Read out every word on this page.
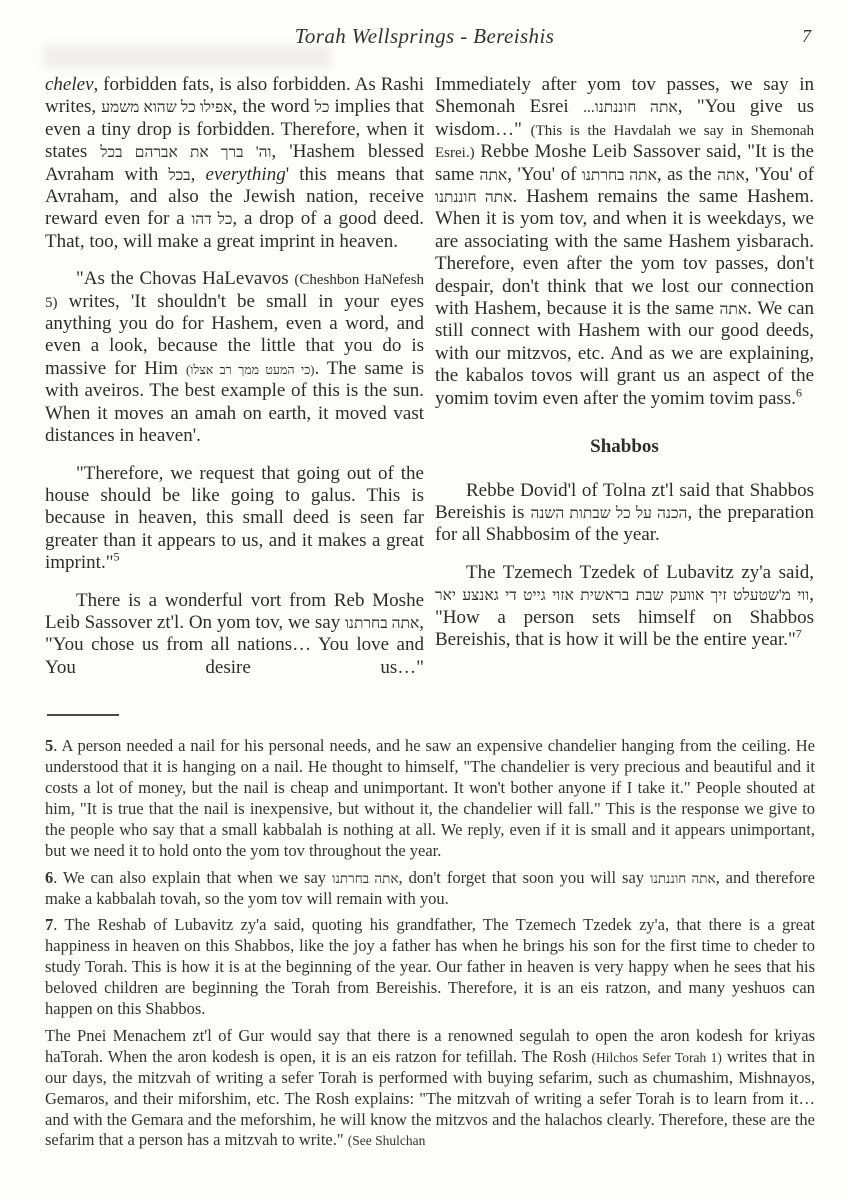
Torah Wellsprings - Bereishis	7

chelev, forbidden fats, is also forbidden. As Rashi writes, אפילו כל שהוא משמע, the word כל implies that even a tiny drop is forbidden. Therefore, when it states וה' ברך את אברהם בכל, 'Hashem blessed Avraham with בכל, everything' this means that Avraham, and also the Jewish nation, receive reward even for a כל דהו, a drop of a good deed. That, too, will make a great imprint in heaven.

"As the Chovas HaLevavos (Cheshbon HaNefesh 5) writes, 'It shouldn't be small in your eyes anything you do for Hashem, even a word, and even a look, because the little that you do is massive for Him (כי המעט ממך רב אצלו). The same is with aveiros. The best example of this is the sun. When it moves an amah on earth, it moved vast distances in heaven'.

"Therefore, we request that going out of the house should be like going to galus. This is because in heaven, this small deed is seen far greater than it appears to us, and it makes a great imprint."$^5$

There is a wonderful vort from Reb Moshe Leib Sassover zt'l. On yom tov, we say אתה בחרתנו, "You chose us from all nations… You love and You desire us…"

Immediately after yom tov passes, we say in Shemonah Esrei אתה חוננתנו..., "You give us wisdom…" (This is the Havdalah we say in Shemonah Esrei.) Rebbe Moshe Leib Sassover said, "It is the same אתה, 'You' of אתה בחרתנו, as the אתה, 'You' of אתה חוננתנו. Hashem remains the same Hashem. When it is yom tov, and when it is weekdays, we are associating with the same Hashem yisbarach. Therefore, even after the yom tov passes, don't despair, don't think that we lost our connection with Hashem, because it is the same אתה. We can still connect with Hashem with our good deeds, with our mitzvos, etc. And as we are explaining, the kabalos tovos will grant us an aspect of the yomim tovim even after the yomim tovim pass.$^6$

Shabbos

Rebbe Dovid'l of Tolna zt'l said that Shabbos Bereishis is הכנה על כל שבתות השנה, the preparation for all Shabbosim of the year.

The Tzemech Tzedek of Lubavitz zy'a said, ווי מ'שטעלט זיך אוועק שבת בראשית אזוי גייט די גאנצע יאר, "How a person sets himself on Shabbos Bereishis, that is how it will be the entire year."$^7$

5. A person needed a nail for his personal needs, and he saw an expensive chandelier hanging from the ceiling. He understood that it is hanging on a nail. He thought to himself, "The chandelier is very precious and beautiful and it costs a lot of money, but the nail is cheap and unimportant. It won't bother anyone if I take it." People shouted at him, "It is true that the nail is inexpensive, but without it, the chandelier will fall." This is the response we give to the people who say that a small kabbalah is nothing at all. We reply, even if it is small and it appears unimportant, but we need it to hold onto the yom tov throughout the year.

6. We can also explain that when we say אתה בחרתנו, don't forget that soon you will say אתה חוננתנו, and therefore make a kabbalah tovah, so the yom tov will remain with you.

7. The Reshab of Lubavitz zy'a said, quoting his grandfather, The Tzemech Tzedek zy'a, that there is a great happiness in heaven on this Shabbos, like the joy a father has when he brings his son for the first time to cheder to study Torah. This is how it is at the beginning of the year. Our father in heaven is very happy when he sees that his beloved children are beginning the Torah from Bereishis. Therefore, it is an eis ratzon, and many yeshuos can happen on this Shabbos.

The Pnei Menachem zt'l of Gur would say that there is a renowned segulah to open the aron kodesh for kriyas haTorah. When the aron kodesh is open, it is an eis ratzon for tefillah. The Rosh (Hilchos Sefer Torah 1) writes that in our days, the mitzvah of writing a sefer Torah is performed with buying sefarim, such as chumashim, Mishnayos, Gemaros, and their miforshim, etc. The Rosh explains: "The mitzvah of writing a sefer Torah is to learn from it… and with the Gemara and the meforshim, he will know the mitzvos and the halachos clearly. Therefore, these are the sefarim that a person has a mitzvah to write." (See Shulchan
